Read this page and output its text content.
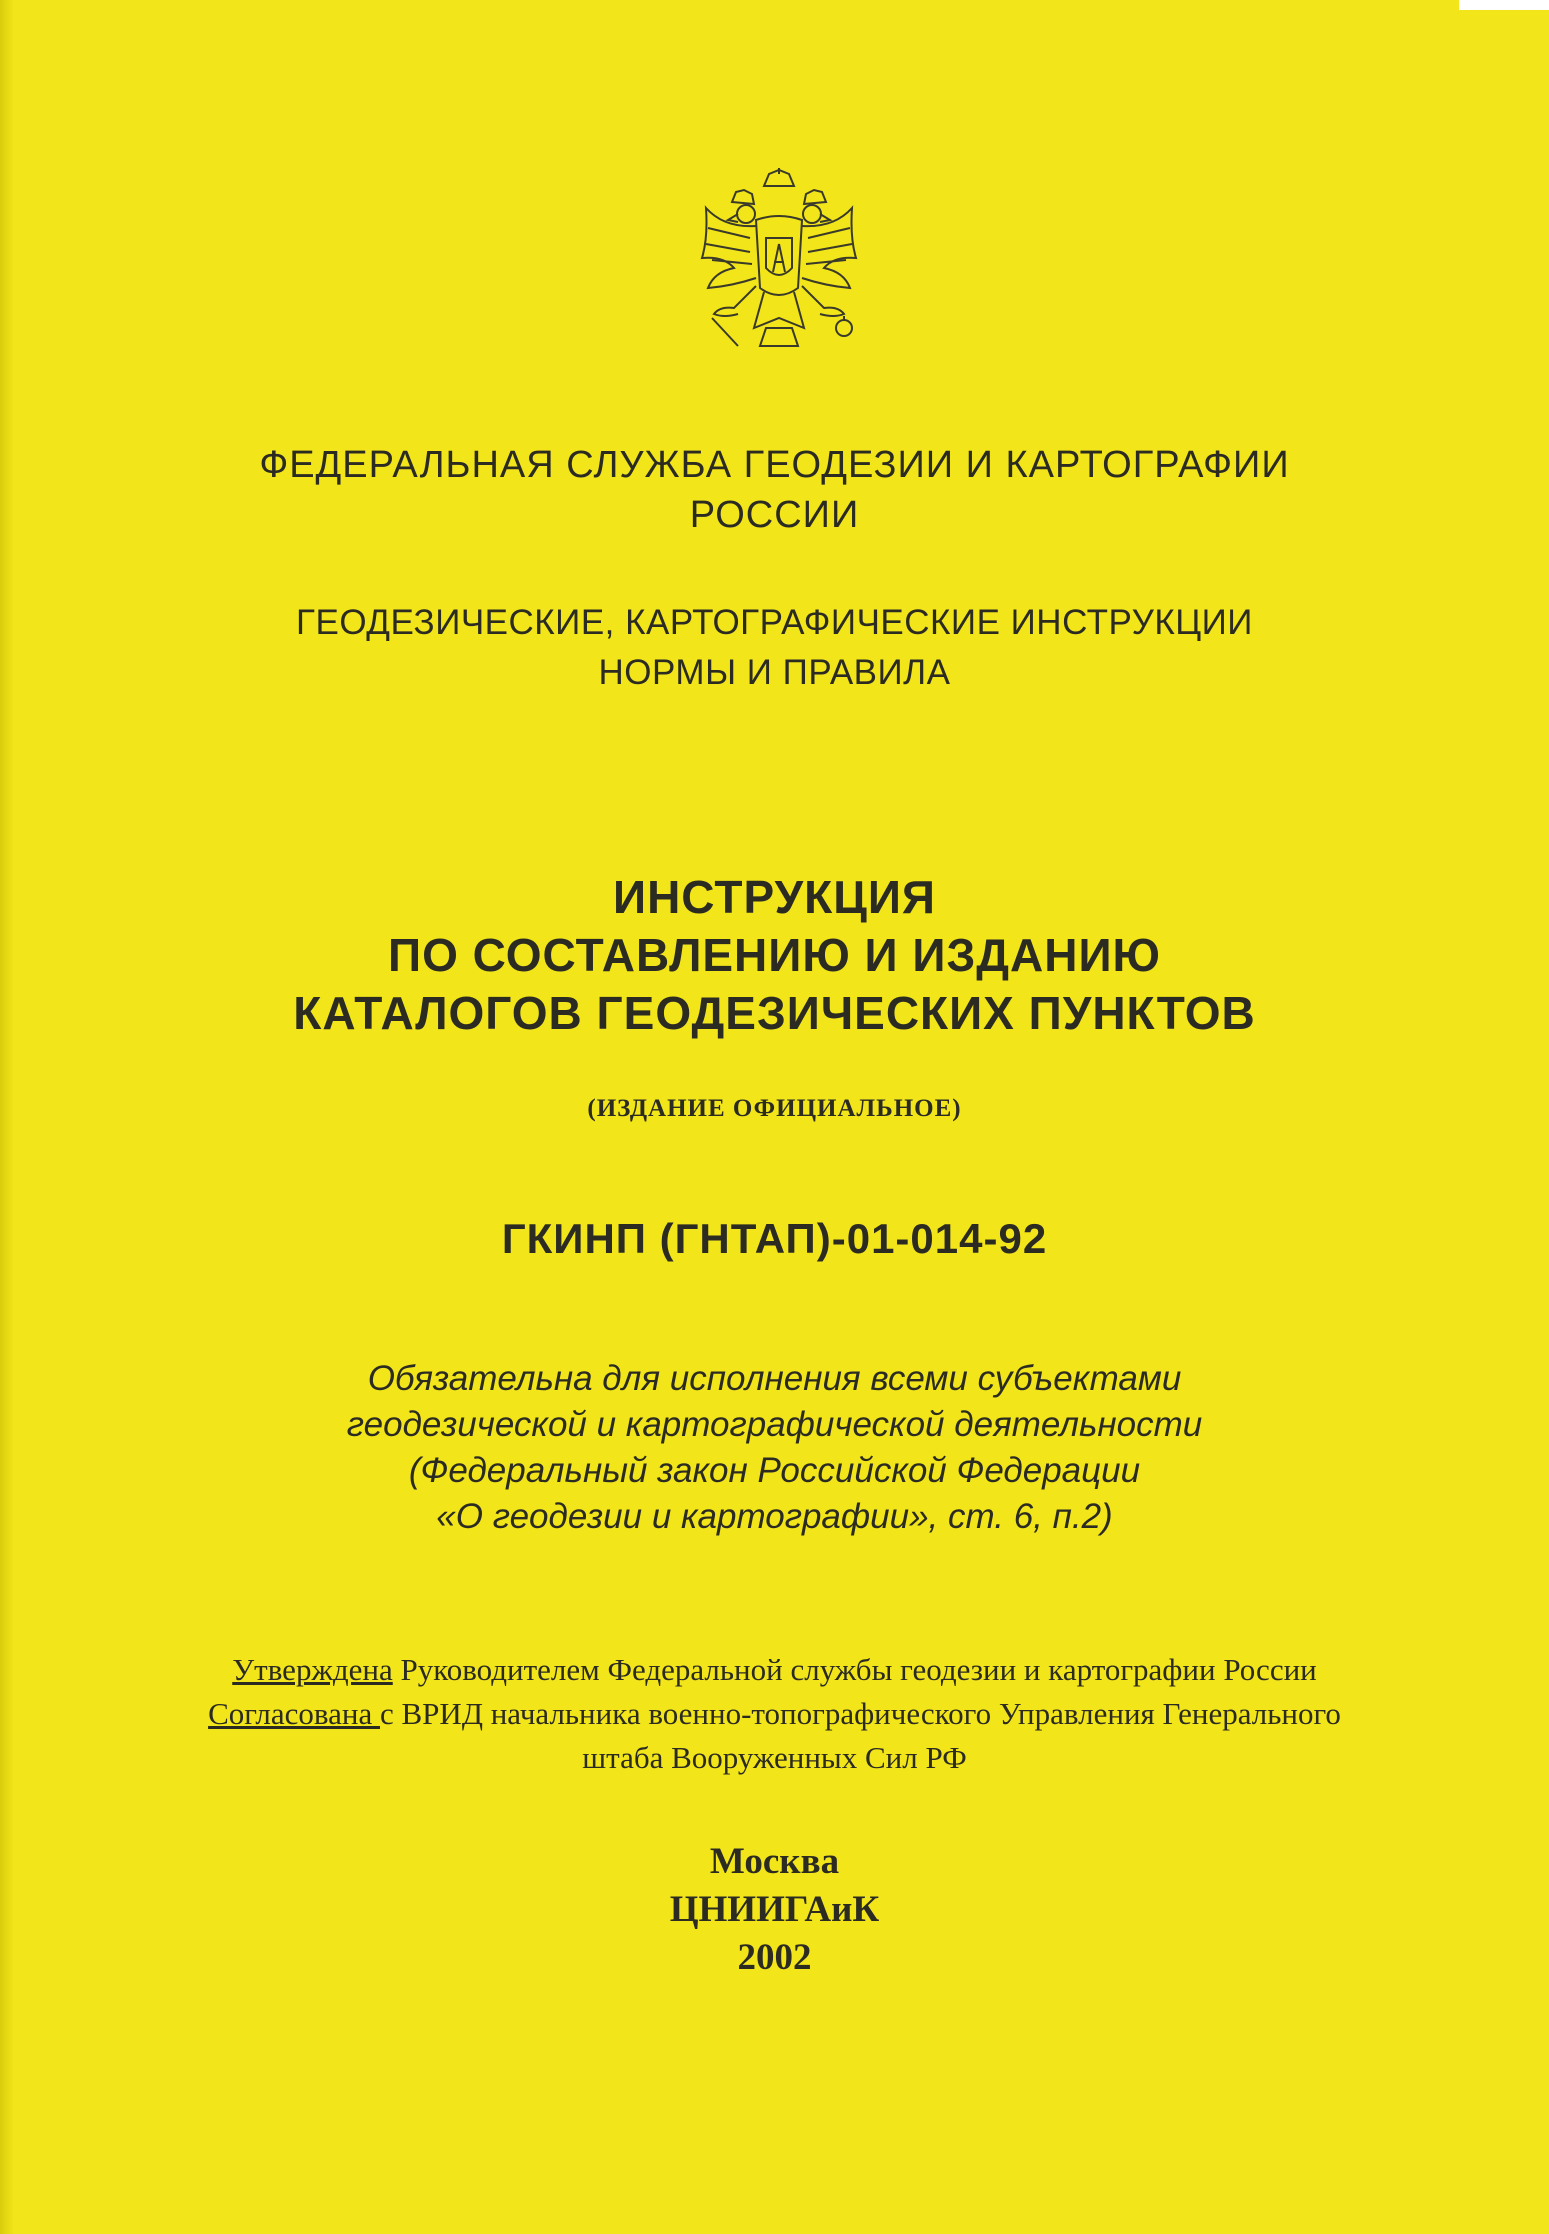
ФЕДЕРАЛЬНАЯ СЛУЖБА ГЕОДЕЗИИ И КАРТОГРАФИИ
РОССИИ
ГЕОДЕЗИЧЕСКИЕ, КАРТОГРАФИЧЕСКИЕ ИНСТРУКЦИИ
НОРМЫ И ПРАВИЛА
ИНСТРУКЦИЯ
ПО СОСТАВЛЕНИЮ И ИЗДАНИЮ
КАТАЛОГОВ ГЕОДЕЗИЧЕСКИХ ПУНКТОВ
(ИЗДАНИЕ ОФИЦИАЛЬНОЕ)
ГКИНП (ГНТАП)-01-014-92
Обязательна для исполнения всеми субъектами
геодезической и картографической деятельности
(Федеральный закон Российской Федерации
«О геодезии и картографии», ст. 6, п.2)
Утверждена Руководителем Федеральной службы геодезии и картографии России
Согласована с ВРИД начальника военно-топографического Управления Генерального
штаба Вооруженных Сил РФ
Москва
ЦНИИГАиК
2002
